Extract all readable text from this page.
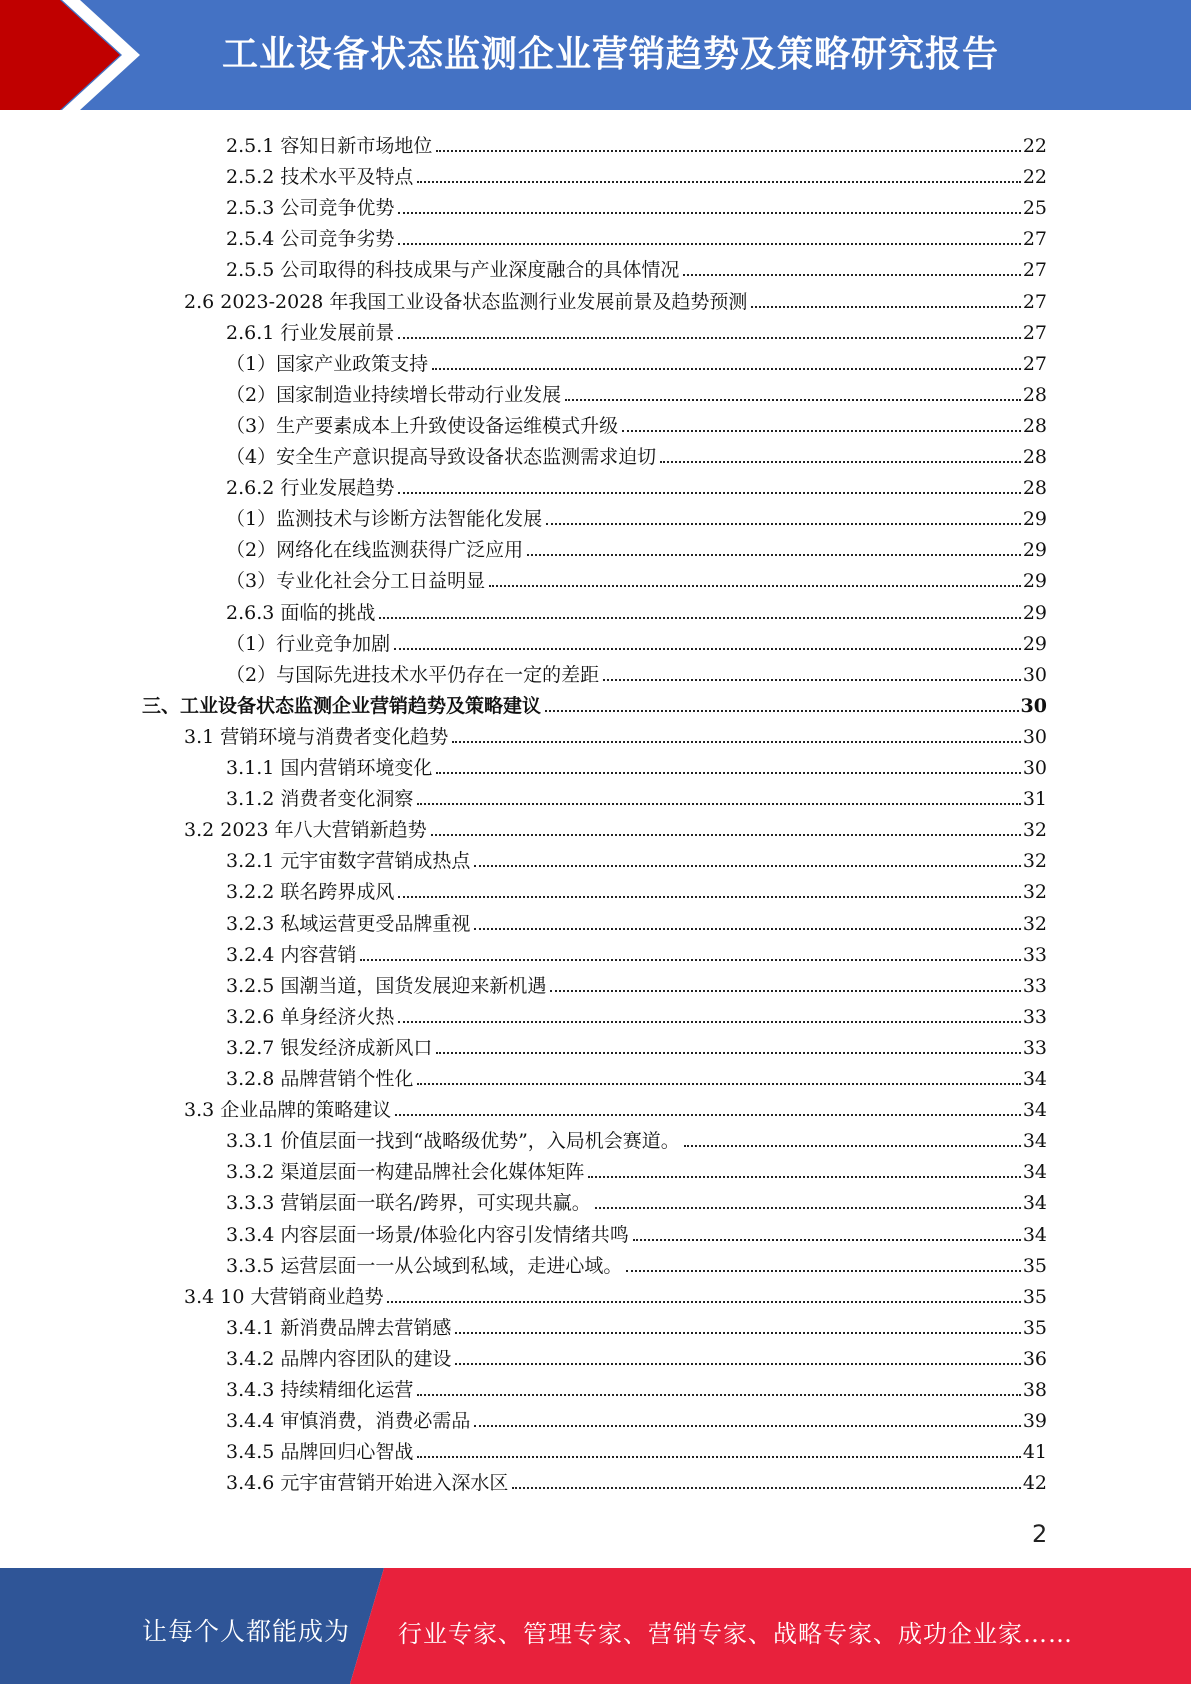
工业设备状态监测企业营销趋势及策略研究报告
2.5.1 容知日新市场地位	22
2.5.2 技术水平及特点	22
2.5.3 公司竞争优势	25
2.5.4 公司竞争劣势	27
2.5.5 公司取得的科技成果与产业深度融合的具体情况	27
2.6 2023-2028 年我国工业设备状态监测行业发展前景及趋势预测	27
2.6.1 行业发展前景	27
（1）国家产业政策支持	27
（2）国家制造业持续增长带动行业发展	28
（3）生产要素成本上升致使设备运维模式升级	28
（4）安全生产意识提高导致设备状态监测需求迫切	28
2.6.2 行业发展趋势	28
（1）监测技术与诊断方法智能化发展	29
（2）网络化在线监测获得广泛应用	29
（3）专业化社会分工日益明显	29
2.6.3 面临的挑战	29
（1）行业竞争加剧	29
（2）与国际先进技术水平仍存在一定的差距	30
三、工业设备状态监测企业营销趋势及策略建议	30
3.1 营销环境与消费者变化趋势	30
3.1.1 国内营销环境变化	30
3.1.2 消费者变化洞察	31
3.2 2023 年八大营销新趋势	32
3.2.1 元宇宙数字营销成热点	32
3.2.2 联名跨界成风	32
3.2.3 私域运营更受品牌重视	32
3.2.4 内容营销	33
3.2.5 国潮当道，国货发展迎来新机遇	33
3.2.6 单身经济火热	33
3.2.7 银发经济成新风口	33
3.2.8 品牌营销个性化	34
3.3 企业品牌的策略建议	34
3.3.1 价值层面一找到“战略级优势”，入局机会赛道。	34
3.3.2 渠道层面一构建品牌社会化媒体矩阵	34
3.3.3 营销层面一联名/跨界，可实现共赢。	34
3.3.4 内容层面一场景/体验化内容引发情绪共鸣	34
3.3.5 运营层面一一从公域到私域，走进心域。	35
3.4 10 大营销商业趋势	35
3.4.1 新消费品牌去营销感	35
3.4.2 品牌内容团队的建设	36
3.4.3 持续精细化运营	38
3.4.4 审慎消费，消费必需品	39
3.4.5 品牌回归心智战	41
3.4.6 元宇宙营销开始进入深水区	42
2
让每个人都能成为 行业专家、管理专家、营销专家、战略专家、成功企业家……
